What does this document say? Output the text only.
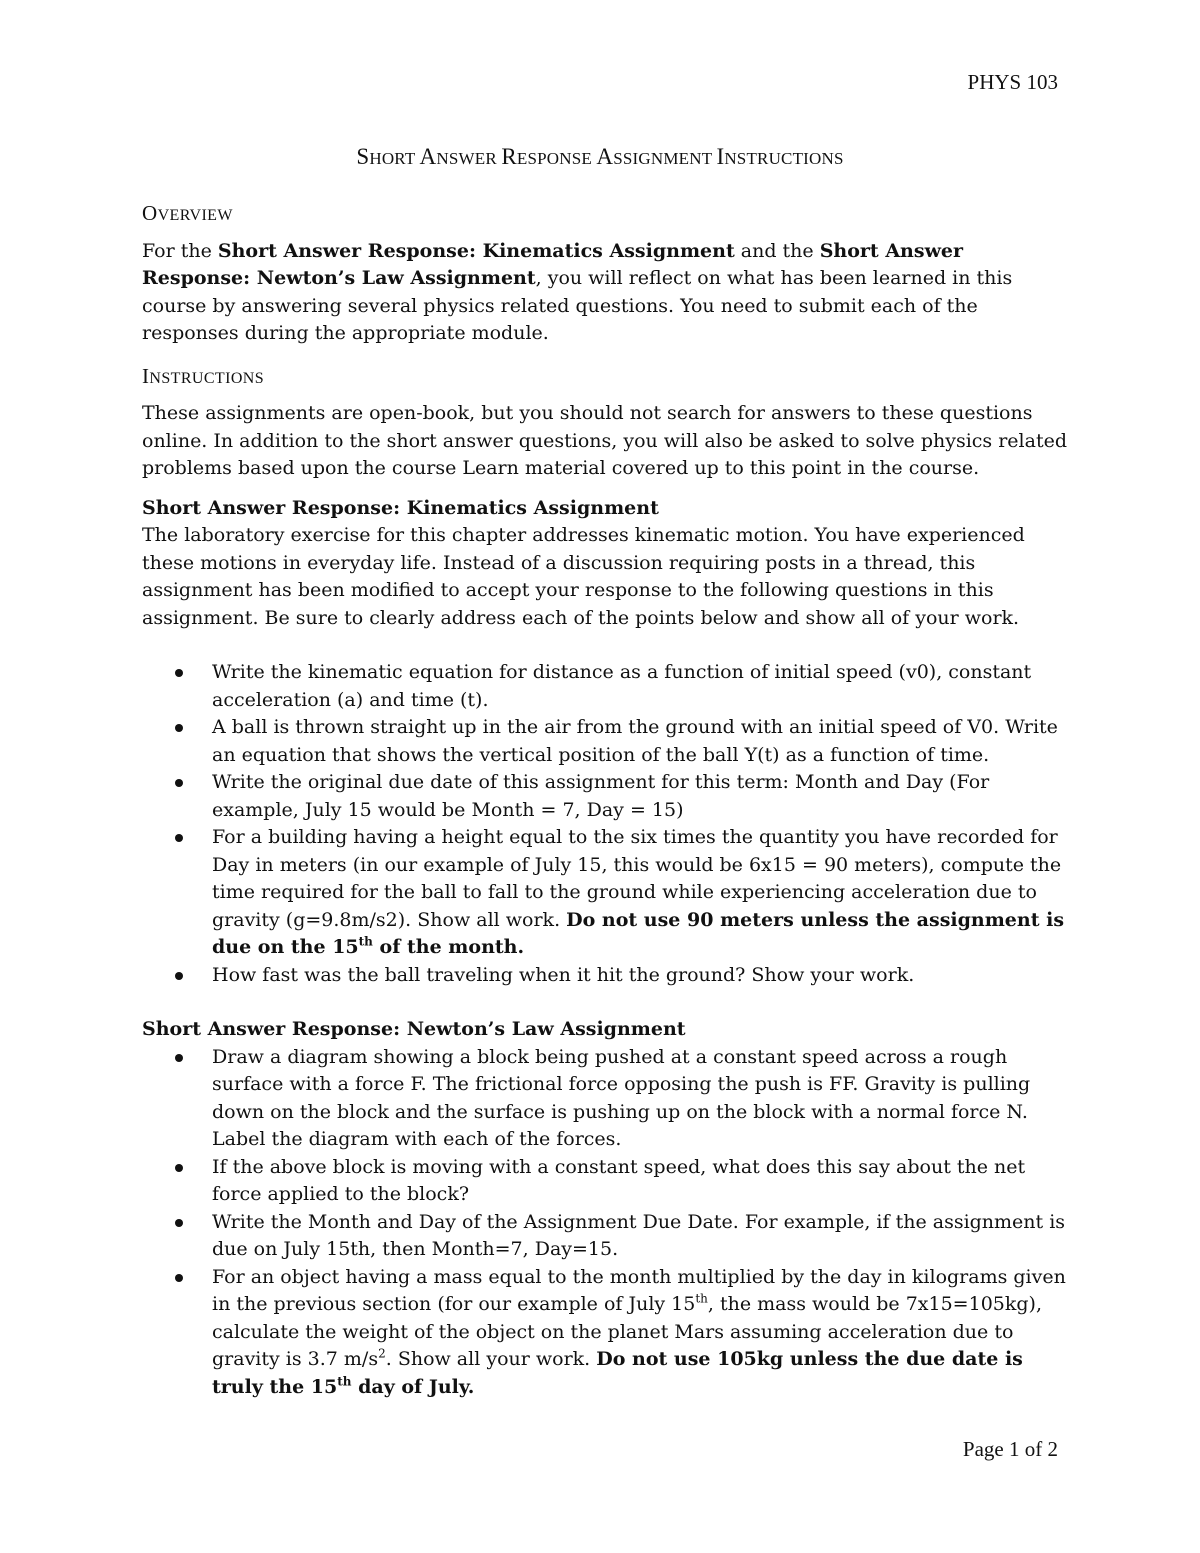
PHYS 103
SHORT ANSWER RESPONSE ASSIGNMENT INSTRUCTIONS
OVERVIEW

For the Short Answer Response: Kinematics Assignment and the Short Answer Response: Newton’s Law Assignment, you will reflect on what has been learned in this course by answering several physics related questions. You need to submit each of the responses during the appropriate module.

INSTRUCTIONS

These assignments are open-book, but you should not search for answers to these questions online. In addition to the short answer questions, you will also be asked to solve physics related problems based upon the course Learn material covered up to this point in the course.

Short Answer Response: Kinematics Assignment

The laboratory exercise for this chapter addresses kinematic motion. You have experienced these motions in everyday life. Instead of a discussion requiring posts in a thread, this assignment has been modified to accept your response to the following questions in this assignment. Be sure to clearly address each of the points below and show all of your work.

Write the kinematic equation for distance as a function of initial speed (v0), constant acceleration (a) and time (t).
A ball is thrown straight up in the air from the ground with an initial speed of V0. Write an equation that shows the vertical position of the ball Y(t) as a function of time.
Write the original due date of this assignment for this term: Month and Day (For example, July 15 would be Month = 7, Day = 15)
For a building having a height equal to the six times the quantity you have recorded for Day in meters (in our example of July 15, this would be 6x15 = 90 meters), compute the time required for the ball to fall to the ground while experiencing acceleration due to gravity (g=9.8m/s2). Show all work. Do not use 90 meters unless the assignment is due on the 15th of the month.
How fast was the ball traveling when it hit the ground? Show your work.

Short Answer Response: Newton’s Law Assignment

Draw a diagram showing a block being pushed at a constant speed across a rough surface with a force F. The frictional force opposing the push is FF. Gravity is pulling down on the block and the surface is pushing up on the block with a normal force N. Label the diagram with each of the forces.
If the above block is moving with a constant speed, what does this say about the net force applied to the block?
Write the Month and Day of the Assignment Due Date. For example, if the assignment is due on July 15th, then Month=7, Day=15.
For an object having a mass equal to the month multiplied by the day in kilograms given in the previous section (for our example of July 15th, the mass would be 7x15=105kg), calculate the weight of the object on the planet Mars assuming acceleration due to gravity is 3.7 $m/s^2$. Show all your work. Do not use 105kg unless the due date is truly the 15th day of July.
Page 1 of 2
